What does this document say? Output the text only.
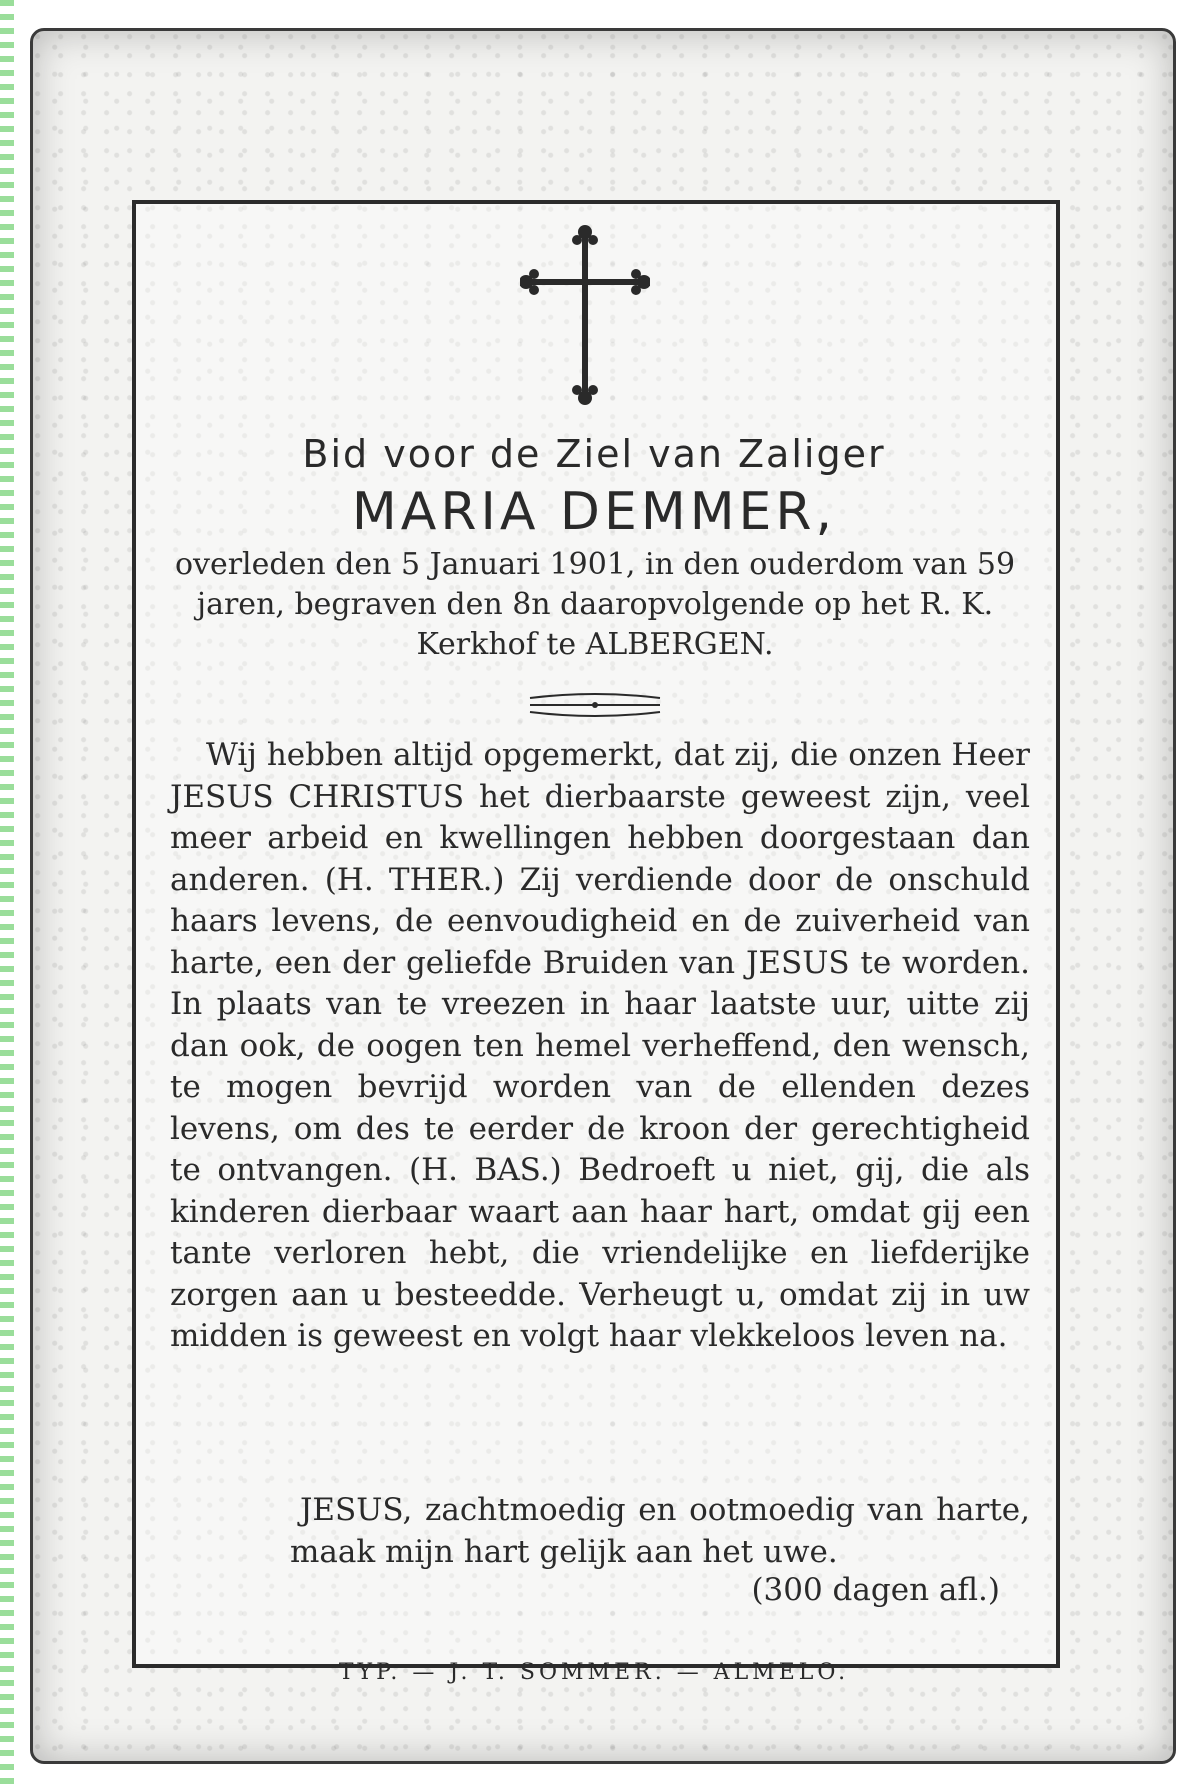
Bid voor de Ziel van Zaliger
MARIA DEMMER,

overleden den 5 Januari 1901, in den ouderdom van 59 jaren, begraven den 8n daaropvolgende op het R. K. Kerkhof te ALBERGEN.

Wij hebben altijd opgemerkt, dat zij, die onzen Heer JESUS CHRISTUS het dierbaarste geweest zijn, veel meer arbeid en kwellingen hebben doorgestaan dan anderen. (H. THER.) Zij verdiende door de onschuld haars levens, de eenvoudigheid en de zuiverheid van harte, een der geliefde Bruiden van JESUS te worden. In plaats van te vreezen in haar laatste uur, uitte zij dan ook, de oogen ten hemel verheffend, den wensch, te mogen bevrijd worden van de ellenden dezes levens, om des te eerder de kroon der gerechtigheid te ontvangen. (H. BAS.) Bedroeft u niet, gij, die als kinderen dierbaar waart aan haar hart, omdat gij een tante verloren hebt, die vriendelijke en liefderijke zorgen aan u besteedde. Verheugt u, omdat zij in uw midden is geweest en volgt haar vlekkeloos leven na.

JESUS, zachtmoedig en ootmoedig van harte, maak mijn hart gelijk aan het uwe.

(300 dagen afl.)

TYP. — J. T. SOMMER. — ALMELO.
